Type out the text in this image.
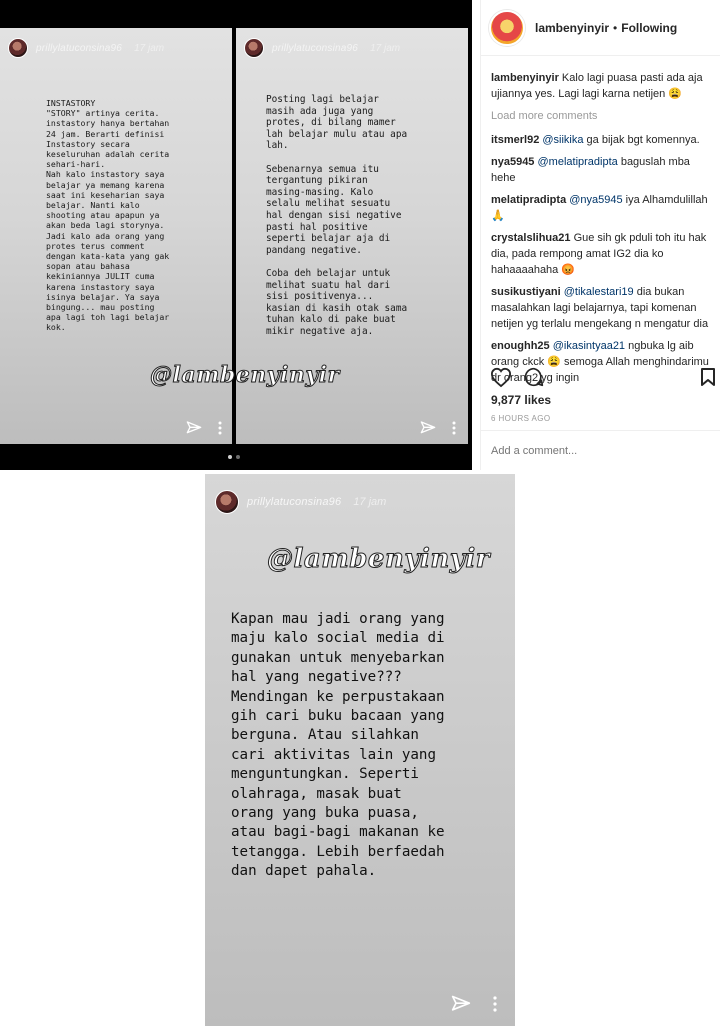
prillylatuconsina96 17 jam
INSTASTORY
"STORY" artinya cerita.
instastory hanya bertahan
24 jam. Berarti definisi
Instastory secara
keseluruhan adalah cerita
sehari-hari.
Nah kalo instastory saya
belajar ya memang karena
saat ini keseharian saya
belajar. Nanti kalo
shooting atau apapun ya
akan beda lagi storynya.
Jadi kalo ada orang yang
protes terus comment
dengan kata-kata yang gak
sopan atau bahasa
kekiniannya JULIT cuma
karena instastory saya
isinya belajar. Ya saya
bingung... mau posting
apa lagi toh lagi belajar
kok.
prillylatuconsina96 17 jam
Posting lagi belajar
masih ada juga yang
protes, di bilang mamer
lah belajar mulu atau apa
lah.

Sebenarnya semua itu
tergantung pikiran
masing-masing. Kalo
selalu melihat sesuatu
hal dengan sisi negative
pasti hal positive
seperti belajar aja di
pandang negative.

Coba deh belajar untuk
melihat suatu hal dari
sisi positivenya...
kasian di kasih otak sama
tuhan kalo di pake buat
mikir negative aja.
@lambenyinyir
lambenyinyir • Following
lambenyinyir Kalo lagi puasa pasti ada aja ujiannya yes. Lagi lagi karna netijen 😩
Load more comments
itsmerl92 @siikika ga bijak bgt komennya.
nya5945 @melatipradipta baguslah mba hehe
melatipradipta @nya5945 iya Alhamdulillah 🙏
crystalslihua21 Gue sih gk pduli toh itu hak dia, pada rempong amat IG2 dia ko hahaaaahaha 😡
susikustiyani @tikalestari19 dia bukan masalahkan lagi belajarnya, tapi komenan netijen yg terlalu mengekang n mengatur dia
enoughh25 @ikasintyaa21 ngbuka lg aib orang ckck 😩 semoga Allah menghindarimu dr orang2 yg ingin
9,877 likes
6 HOURS AGO
Add a comment...
prillylatuconsina96 17 jam
@lambenyinyir
Kapan mau jadi orang yang
maju kalo social media di
gunakan untuk menyebarkan
hal yang negative???
Mendingan ke perpustakaan
gih cari buku bacaan yang
berguna. Atau silahkan
cari aktivitas lain yang
menguntungkan. Seperti
olahraga, masak buat
orang yang buka puasa,
atau bagi-bagi makanan ke
tetangga. Lebih berfaedah
dan dapet pahala.
